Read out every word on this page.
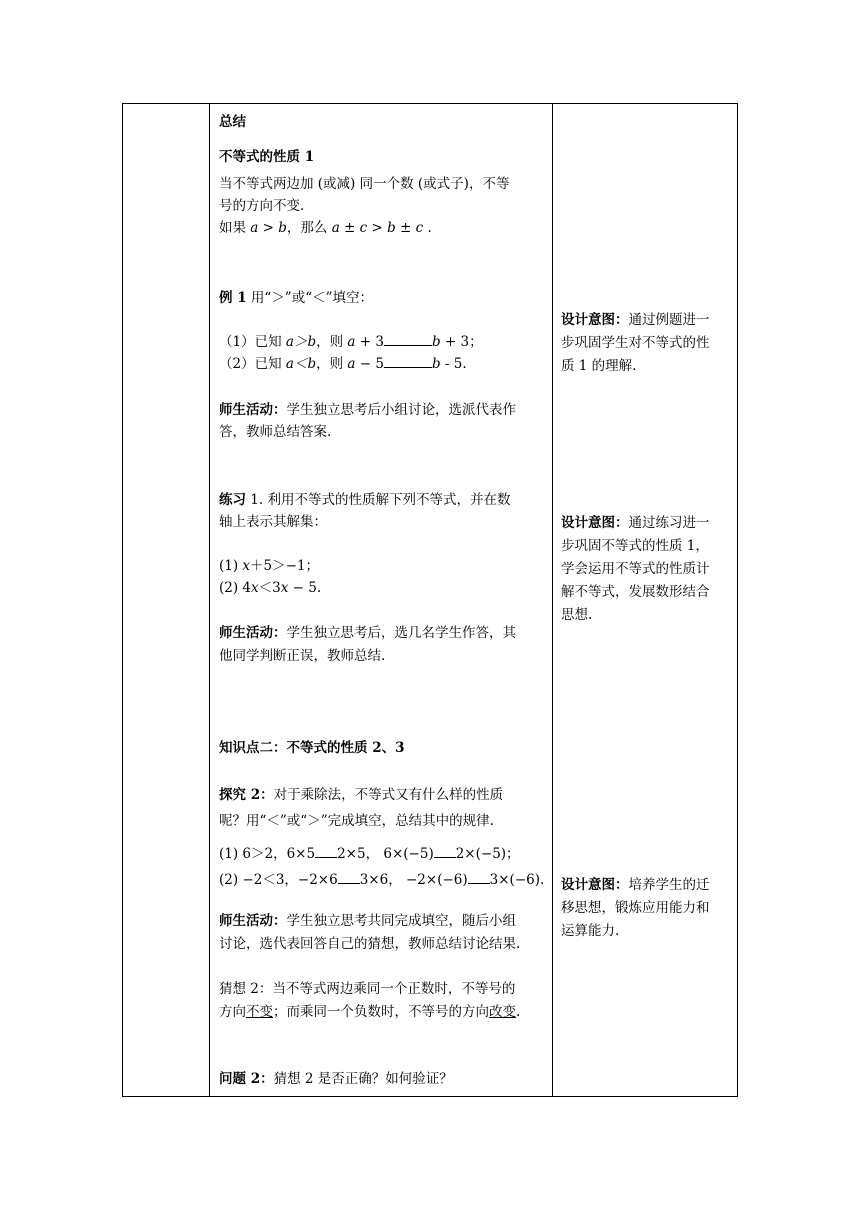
总结
不等式的性质 1
当不等式两边加 (或减) 同一个数 (或式子)，不等
号的方向不变.
如果 a > b，那么 a ± c > b ± c .
例 1 用“＞”或“＜”填空：
（1）已知 a＞b，则 a + 3	b + 3；
（2）已知 a＜b，则 a − 5	b - 5.
师生活动：学生独立思考后小组讨论，选派代表作
答，教师总结答案.
练习 1. 利用不等式的性质解下列不等式，并在数
轴上表示其解集：
(1) x＋5＞−1；
(2) 4x＜3x − 5.
师生活动：学生独立思考后，选几名学生作答，其
他同学判断正误，教师总结.
知识点二：不等式的性质 2、3
探究 2：对于乘除法，不等式又有什么样的性质
呢？用“＜”或“＞”完成填空，总结其中的规律.
(1) 6＞2，6×5 2×5， 6×(−5) 2×(−5)；
(2) −2＜3，−2×6 3×6， −2×(−6) 3×(−6).
师生活动：学生独立思考共同完成填空，随后小组
讨论，选代表回答自己的猜想，教师总结讨论结果.
猜想 2：当不等式两边乘同一个正数时，不等号的
方向不变；而乘同一个负数时，不等号的方向改变.
问题 2：猜想 2 是否正确？如何验证？
设计意图：通过例题进一
步巩固学生对不等式的性
质 1 的理解.
设计意图：通过练习进一
步巩固不等式的性质 1，
学会运用不等式的性质计
解不等式，发展数形结合
思想.
设计意图：培养学生的迁
移思想，锻炼应用能力和
运算能力.
